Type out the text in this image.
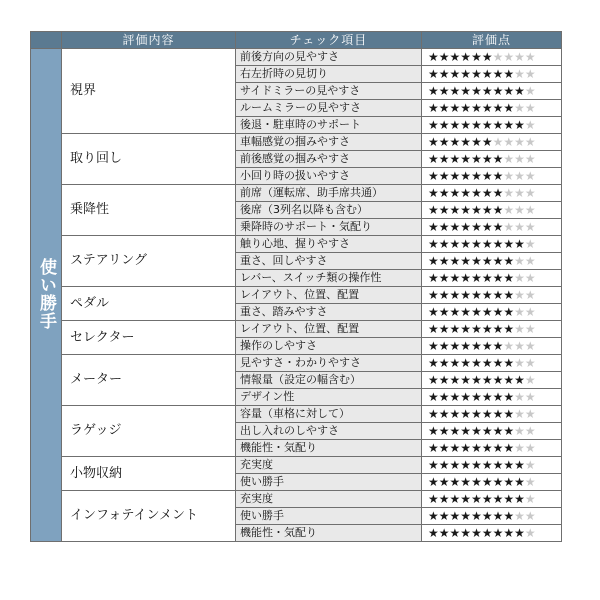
	評価内容	チェック項目	評価点
使い勝手	視界	前後方向の見やすさ	★★★★★★★★★★
		右左折時の見切り	★★★★★★★★★★
		サイドミラーの見やすさ	★★★★★★★★★★
		ルームミラーの見やすさ	★★★★★★★★★★
		後退・駐車時のサポート	★★★★★★★★★★
	取り回し	車幅感覚の掴みやすさ	★★★★★★★★★★
		前後感覚の掴みやすさ	★★★★★★★★★★
		小回り時の扱いやすさ	★★★★★★★★★★
	乗降性	前席（運転席、助手席共通）	★★★★★★★★★★
		後席（3列名以降も含む）	★★★★★★★★★★
		乗降時のサポート・気配り	★★★★★★★★★★
	ステアリング	触り心地、握りやすさ	★★★★★★★★★★
		重さ、回しやすさ	★★★★★★★★★★
		レバー、スイッチ類の操作性	★★★★★★★★★★
	ペダル	レイアウト、位置、配置	★★★★★★★★★★
		重さ、踏みやすさ	★★★★★★★★★★
	セレクター	レイアウト、位置、配置	★★★★★★★★★★
		操作のしやすさ	★★★★★★★★★★
	メーター	見やすさ・わかりやすさ	★★★★★★★★★★
		情報量（設定の幅含む）	★★★★★★★★★★
		デザイン性	★★★★★★★★★★
	ラゲッジ	容量（車格に対して）	★★★★★★★★★★
		出し入れのしやすさ	★★★★★★★★★★
		機能性・気配り	★★★★★★★★★★
	小物収納	充実度	★★★★★★★★★★
		使い勝手	★★★★★★★★★★
	インフォテインメント	充実度	★★★★★★★★★★
		使い勝手	★★★★★★★★★★
		機能性・気配り	★★★★★★★★★★
